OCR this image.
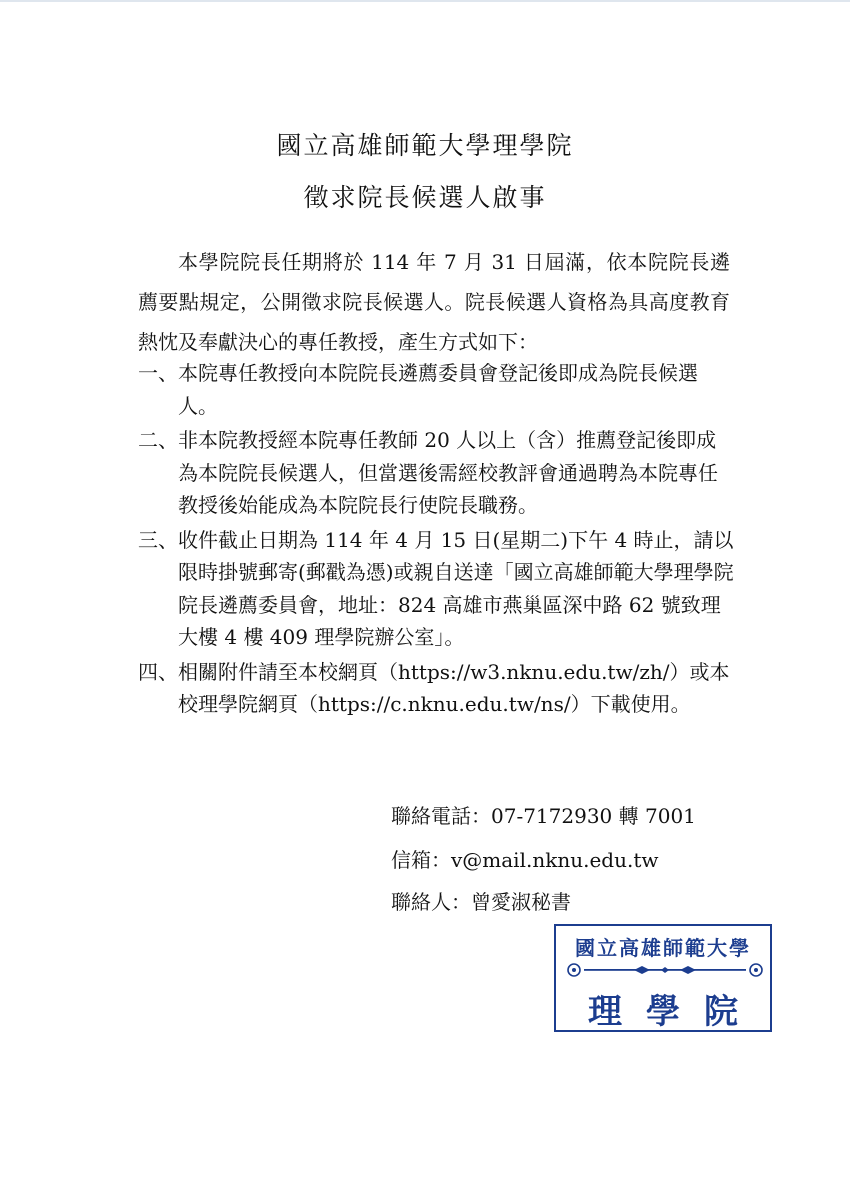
國立高雄師範大學理學院
徵求院長候選人啟事

本學院院長任期將於 114 年 7 月 31 日屆滿，依本院院長遴薦要點規定，公開徵求院長候選人。院長候選人資格為具高度教育熱忱及奉獻決心的專任教授，產生方式如下：

一、 本院專任教授向本院院長遴薦委員會登記後即成為院長候選人。
二、 非本院教授經本院專任教師 20 人以上（含）推薦登記後即成為本院院長候選人，但當選後需經校教評會通過聘為本院專任教授後始能成為本院院長行使院長職務。
三、 收件截止日期為 114 年 4 月 15 日(星期二)下午 4 時止，請以限時掛號郵寄(郵戳為憑)或親自送達「國立高雄師範大學理學院院長遴薦委員會，地址：824 高雄市燕巢區深中路 62 號致理大樓 4 樓 409 理學院辦公室」。
四、 相關附件請至本校網頁（https://w3.nknu.edu.tw/zh/）或本校理學院網頁（https://c.nknu.edu.tw/ns/）下載使用。
聯絡電話：07-7172930 轉 7001
信箱：v@mail.nknu.edu.tw
聯絡人：曾愛淑秘書
國立高雄師範大學
理學院
